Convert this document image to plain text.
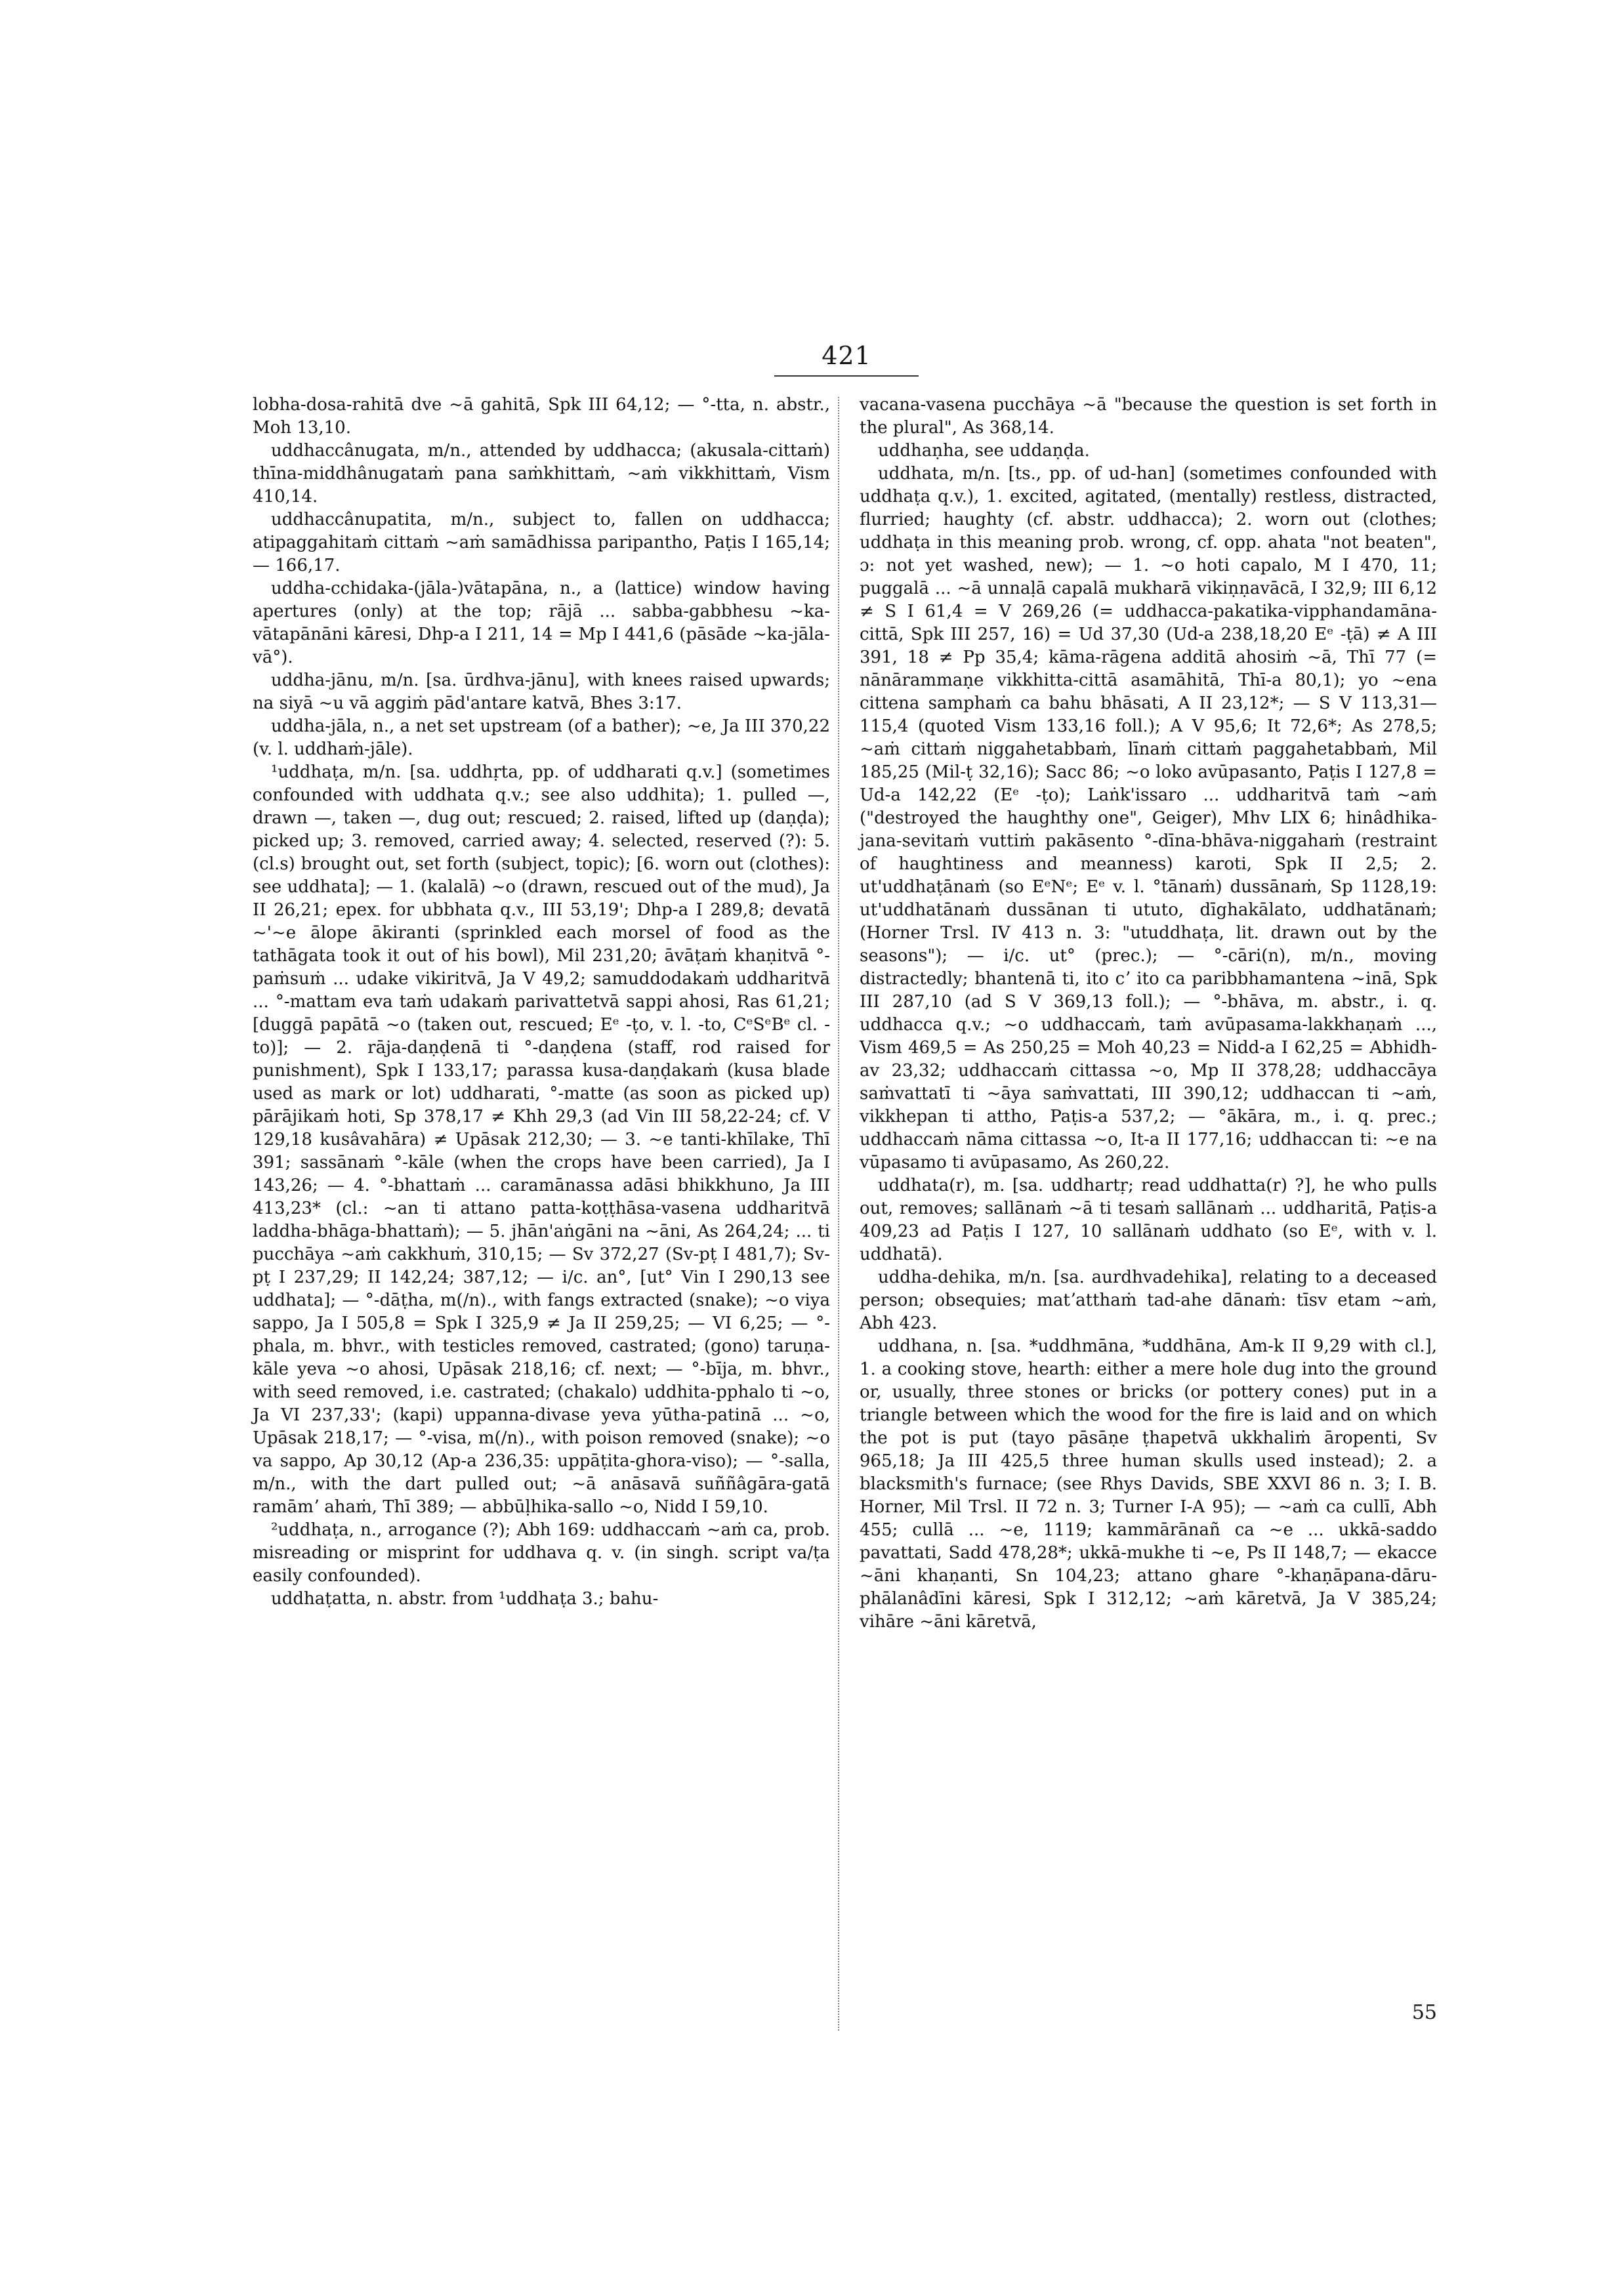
421

lobha-dosa-rahitā dve ~ā gahitā, Spk III 64,12; — °-tta, n. abstr., Moh 13,10.

uddhaccânugata, m/n., attended by uddhacca; (akusala-cittaṁ) thīna-middhânugataṁ pana saṁkhittaṁ, ~aṁ vikkhittaṁ, Vism 410,14.

uddhaccânupatita, m/n., subject to, fallen on uddhacca; atipaggahitaṁ cittaṁ ~aṁ samādhissa paripantho, Paṭis I 165,14; — 166,17.

uddha-cchidaka-(jāla-)vātapāna, n., a (lattice) window having apertures (only) at the top; rājā ... sabba-gabbhesu ~ka-vātapānāni kāresi, Dhp-a I 211, 14 = Mp I 441,6 (pāsāde ~ka-jāla-vā°).

uddha-jānu, m/n. [sa. ūrdhva-jānu], with knees raised upwards; na siyā ~u vā aggiṁ pād'antare katvā, Bhes 3:17.

uddha-jāla, n., a net set upstream (of a bather); ~e, Ja III 370,22 (v. l. uddhaṁ-jāle).

¹uddhaṭa, m/n. [sa. uddhṛta, pp. of uddharati q.v.] (sometimes confounded with uddhata q.v.; see also uddhita); 1. pulled —, drawn —, taken —, dug out; rescued; 2. raised, lifted up (daṇḍa); picked up; 3. removed, carried away; 4. selected, reserved (?): 5. (cl.s) brought out, set forth (subject, topic); [6. worn out (clothes): see uddhata]; — 1. (kalalā) ~o (drawn, rescued out of the mud), Ja II 26,21; epex. for ubbhata q.v., III 53,19'; Dhp-a I 289,8; devatā ~'~e ālope ākiranti (sprinkled each morsel of food as the tathāgata took it out of his bowl), Mil 231,20; āvāṭaṁ khaṇitvā °-paṁsuṁ ... udake vikiritvā, Ja V 49,2; samuddodakaṁ uddharitvā ... °-mattam eva taṁ udakaṁ parivattetvā sappi ahosi, Ras 61,21; [duggā papātā ~o (taken out, rescued; Eᵉ -ṭo, v. l. -to, CᵉSᵉBᵉ cl. -to)]; — 2. rāja-daṇḍenā ti °-daṇḍena (staff, rod raised for punishment), Spk I 133,17; parassa kusa-daṇḍakaṁ (kusa blade used as mark or lot) uddharati, °-matte (as soon as picked up) pārājikaṁ hoti, Sp 378,17 ≠ Khh 29,3 (ad Vin III 58,22-24; cf. V 129,18 kusâvahāra) ≠ Upāsak 212,30; — 3. ~e tanti-khīlake, Thī 391; sassānaṁ °-kāle (when the crops have been carried), Ja I 143,26; — 4. °-bhattaṁ ... caramānassa adāsi bhikkhuno, Ja III 413,23* (cl.: ~an ti attano patta-koṭṭhāsa-vasena uddharitvā laddha-bhāga-bhattaṁ); — 5. jhān'aṅgāni na ~āni, As 264,24; ... ti pucchāya ~aṁ cakkhuṁ, 310,15; — Sv 372,27 (Sv-pṭ I 481,7); Sv-pṭ I 237,29; II 142,24; 387,12; — i/c. an°, [ut° Vin I 290,13 see uddhata]; — °-dāṭha, m(/n)., with fangs extracted (snake); ~o viya sappo, Ja I 505,8 = Spk I 325,9 ≠ Ja II 259,25; — VI 6,25; — °-phala, m. bhvr., with testicles removed, castrated; (gono) taruṇa-kāle yeva ~o ahosi, Upāsak 218,16; cf. next; — °-bīja, m. bhvr., with seed removed, i.e. castrated; (chakalo) uddhita-pphalo ti ~o, Ja VI 237,33'; (kapi) uppanna-divase yeva yūtha-patinā ... ~o, Upāsak 218,17; — °-visa, m(/n)., with poison removed (snake); ~o va sappo, Ap 30,12 (Ap-a 236,35: uppāṭita-ghora-viso); — °-salla, m/n., with the dart pulled out; ~ā anāsavā suññâgāra-gatā ramāmʼ ahaṁ, Thī 389; — abbūḷhika-sallo ~o, Nidd I 59,10.

²uddhaṭa, n., arrogance (?); Abh 169: uddhaccaṁ ~aṁ ca, prob. misreading or misprint for uddhava q. v. (in singh. script va/ṭa easily confounded).

uddhaṭatta, n. abstr. from ¹uddhaṭa 3.; bahu-

vacana-vasena pucchāya ~ā "because the question is set forth in the plural", As 368,14.

uddhaṇha, see uddaṇḍa.

uddhata, m/n. [ts., pp. of ud-han] (sometimes confounded with uddhaṭa q.v.), 1. excited, agitated, (mentally) restless, distracted, flurried; haughty (cf. abstr. uddhacca); 2. worn out (clothes; uddhaṭa in this meaning prob. wrong, cf. opp. ahata "not beaten", ɔ: not yet washed, new); — 1. ~o hoti capalo, M I 470, 11; puggalā ... ~ā unnaḷā capalā mukharā vikiṇṇavācā, I 32,9; III 6,12 ≠ S I 61,4 = V 269,26 (= uddhacca-pakatika-vipphandamāna-cittā, Spk III 257, 16) = Ud 37,30 (Ud-a 238,18,20 Eᵉ -ṭā) ≠ A III 391, 18 ≠ Pp 35,4; kāma-rāgena additā ahosiṁ ~ā, Thī 77 (= nānārammaṇe vikkhitta-cittā asamāhitā, Thī-a 80,1); yo ~ena cittena samphaṁ ca bahu bhāsati, A II 23,12*; — S V 113,31—115,4 (quoted Vism 133,16 foll.); A V 95,6; It 72,6*; As 278,5; ~aṁ cittaṁ niggahetabbaṁ, līnaṁ cittaṁ paggahetabbaṁ, Mil 185,25 (Mil-ṭ 32,16); Sacc 86; ~o loko avūpasanto, Paṭis I 127,8 = Ud-a 142,22 (Eᵉ -ṭo); Laṅk'issaro ... uddharitvā taṁ ~aṁ ("destroyed the haughthy one", Geiger), Mhv LIX 6; hinâdhika-jana-sevitaṁ vuttiṁ pakāsento °-dīna-bhāva-niggahaṁ (restraint of haughtiness and meanness) karoti, Spk II 2,5; 2. ut'uddhaṭānaṁ (so EᵉNᵉ; Eᵉ v. l. °tānaṁ) dussānaṁ, Sp 1128,19: ut'uddhatānaṁ dussānan ti ututo, dīghakālato, uddhatānaṁ; (Horner Trsl. IV 413 n. 3: "utuddhaṭa, lit. drawn out by the seasons"); — i/c. ut° (prec.); — °-cāri(n), m/n., moving distractedly; bhantenā ti, ito cʼ ito ca paribbhamantena ~inā, Spk III 287,10 (ad S V 369,13 foll.); — °-bhāva, m. abstr., i. q. uddhacca q.v.; ~o uddhaccaṁ, taṁ avūpasama-lakkhaṇaṁ ..., Vism 469,5 = As 250,25 = Moh 40,23 = Nidd-a I 62,25 = Abhidh-av 23,32; uddhaccaṁ cittassa ~o, Mp II 378,28; uddhaccāya saṁvattatī ti ~āya saṁvattati, III 390,12; uddhaccan ti ~aṁ, vikkhepan ti attho, Paṭis-a 537,2; — °ākāra, m., i. q. prec.; uddhaccaṁ nāma cittassa ~o, It-a II 177,16; uddhaccan ti: ~e na vūpasamo ti avūpasamo, As 260,22.

uddhata(r), m. [sa. uddhartṛ; read uddhatta(r) ?], he who pulls out, removes; sallānaṁ ~ā ti tesaṁ sallānaṁ ... uddharitā, Paṭis-a 409,23 ad Paṭis I 127, 10 sallānaṁ uddhato (so Eᵉ, with v. l. uddhatā).

uddha-dehika, m/n. [sa. aurdhvadehika], relating to a deceased person; obsequies; matʼatthaṁ tad-ahe dānaṁ: tīsv etam ~aṁ, Abh 423.

uddhana, n. [sa. *uddhmāna, *uddhāna, Am-k II 9,29 with cl.], 1. a cooking stove, hearth: either a mere hole dug into the ground or, usually, three stones or bricks (or pottery cones) put in a triangle between which the wood for the fire is laid and on which the pot is put (tayo pāsāṇe ṭhapetvā ukkhaliṁ āropenti, Sv 965,18; Ja III 425,5 three human skulls used instead); 2. a blacksmith's furnace; (see Rhys Davids, SBE XXVI 86 n. 3; I. B. Horner, Mil Trsl. II 72 n. 3; Turner I-A 95); — ~aṁ ca cullī, Abh 455; cullā ... ~e, 1119; kammārānañ ca ~e ... ukkā-saddo pavattati, Sadd 478,28*; ukkā-mukhe ti ~e, Ps II 148,7; — ekacce ~āni khaṇanti, Sn 104,23; attano ghare °-khaṇāpana-dāru-phālanâdīni kāresi, Spk I 312,12; ~aṁ kāretvā, Ja V 385,24; vihāre ~āni kāretvā,

55
